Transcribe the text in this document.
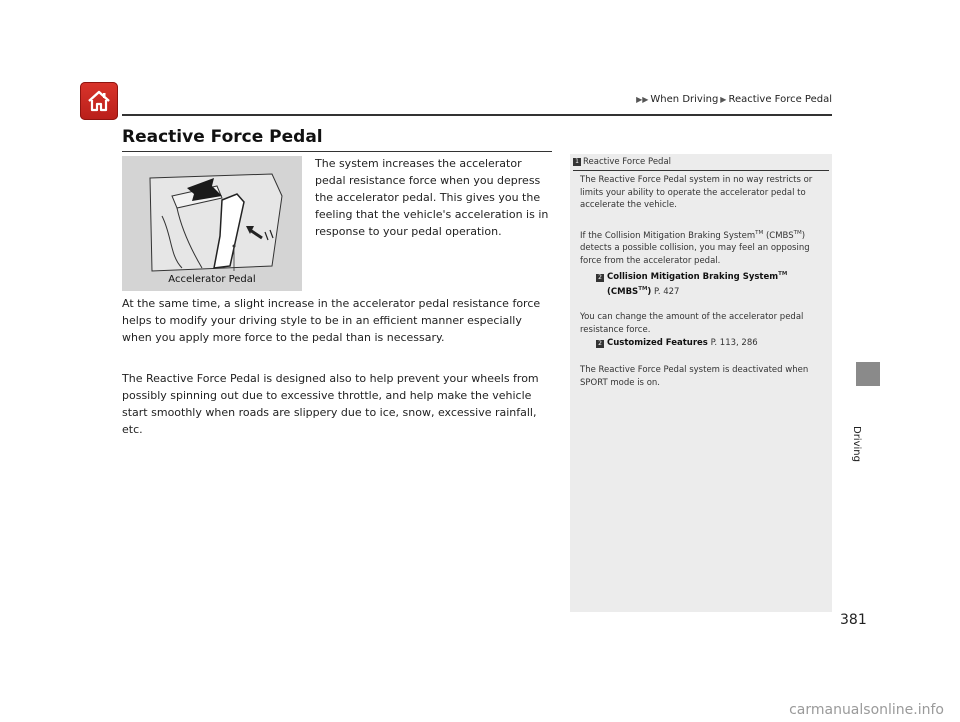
▶▶ When Driving ▶ Reactive Force Pedal
Reactive Force Pedal
Accelerator Pedal
The system increases the accelerator pedal resistance force when you depress the accelerator pedal. This gives you the feeling that the vehicle's acceleration is in response to your pedal operation.
At the same time, a slight increase in the accelerator pedal resistance force helps to modify your driving style to be in an efficient manner especially when you apply more force to the pedal than is necessary.
The Reactive Force Pedal is designed also to help prevent your wheels from possibly spinning out due to excessive throttle, and help make the vehicle start smoothly when roads are slippery due to ice, snow, excessive rainfall, etc.
1 Reactive Force Pedal
The Reactive Force Pedal system in no way restricts or limits your ability to operate the accelerator pedal to accelerate the vehicle.
If the Collision Mitigation Braking System™ (CMBS™) detects a possible collision, you may feel an opposing force from the accelerator pedal.
2 Collision Mitigation Braking System™
(CMBS™) P. 427
You can change the amount of the accelerator pedal resistance force.
2 Customized Features P. 113, 286
The Reactive Force Pedal system is deactivated when SPORT mode is on.
Driving
381
carmanualsonline.info
